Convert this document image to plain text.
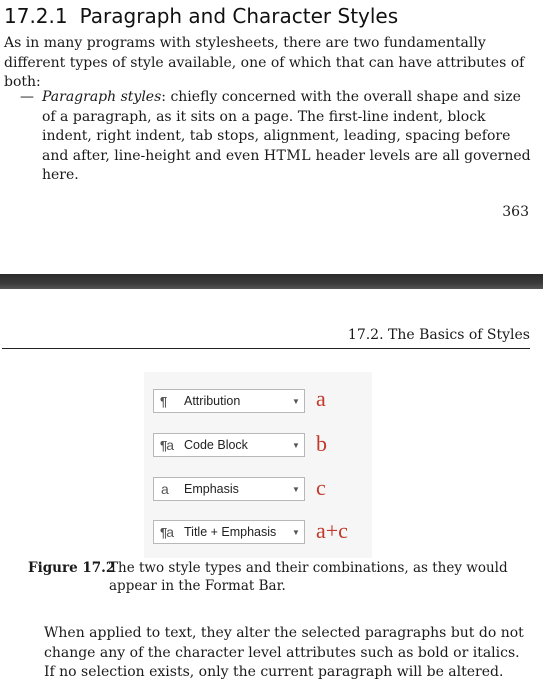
17.2.1 Paragraph and Character Styles

As in many programs with stylesheets, there are two fundamentally different types of style available, one of which that can have attributes of both:

— Paragraph styles: chiefly concerned with the overall shape and size of a paragraph, as it sits on a page. The first-line indent, block indent, right indent, tab stops, alignment, leading, spacing before and after, line-height and even HTML header levels are all governed here.

363
17.2. The Basics of Styles
¶	Attribution	▼ a
¶ a Code Block	▼ b
a	Emphasis	▼ c
¶ a Title + Emphasis	▼ a+c
Figure 17.2
The two style types and their combinations, as they would appear in the Format Bar.

When applied to text, they alter the selected paragraphs but do not change any of the character level attributes such as bold or italics. If no selection exists, only the current paragraph will be altered.
